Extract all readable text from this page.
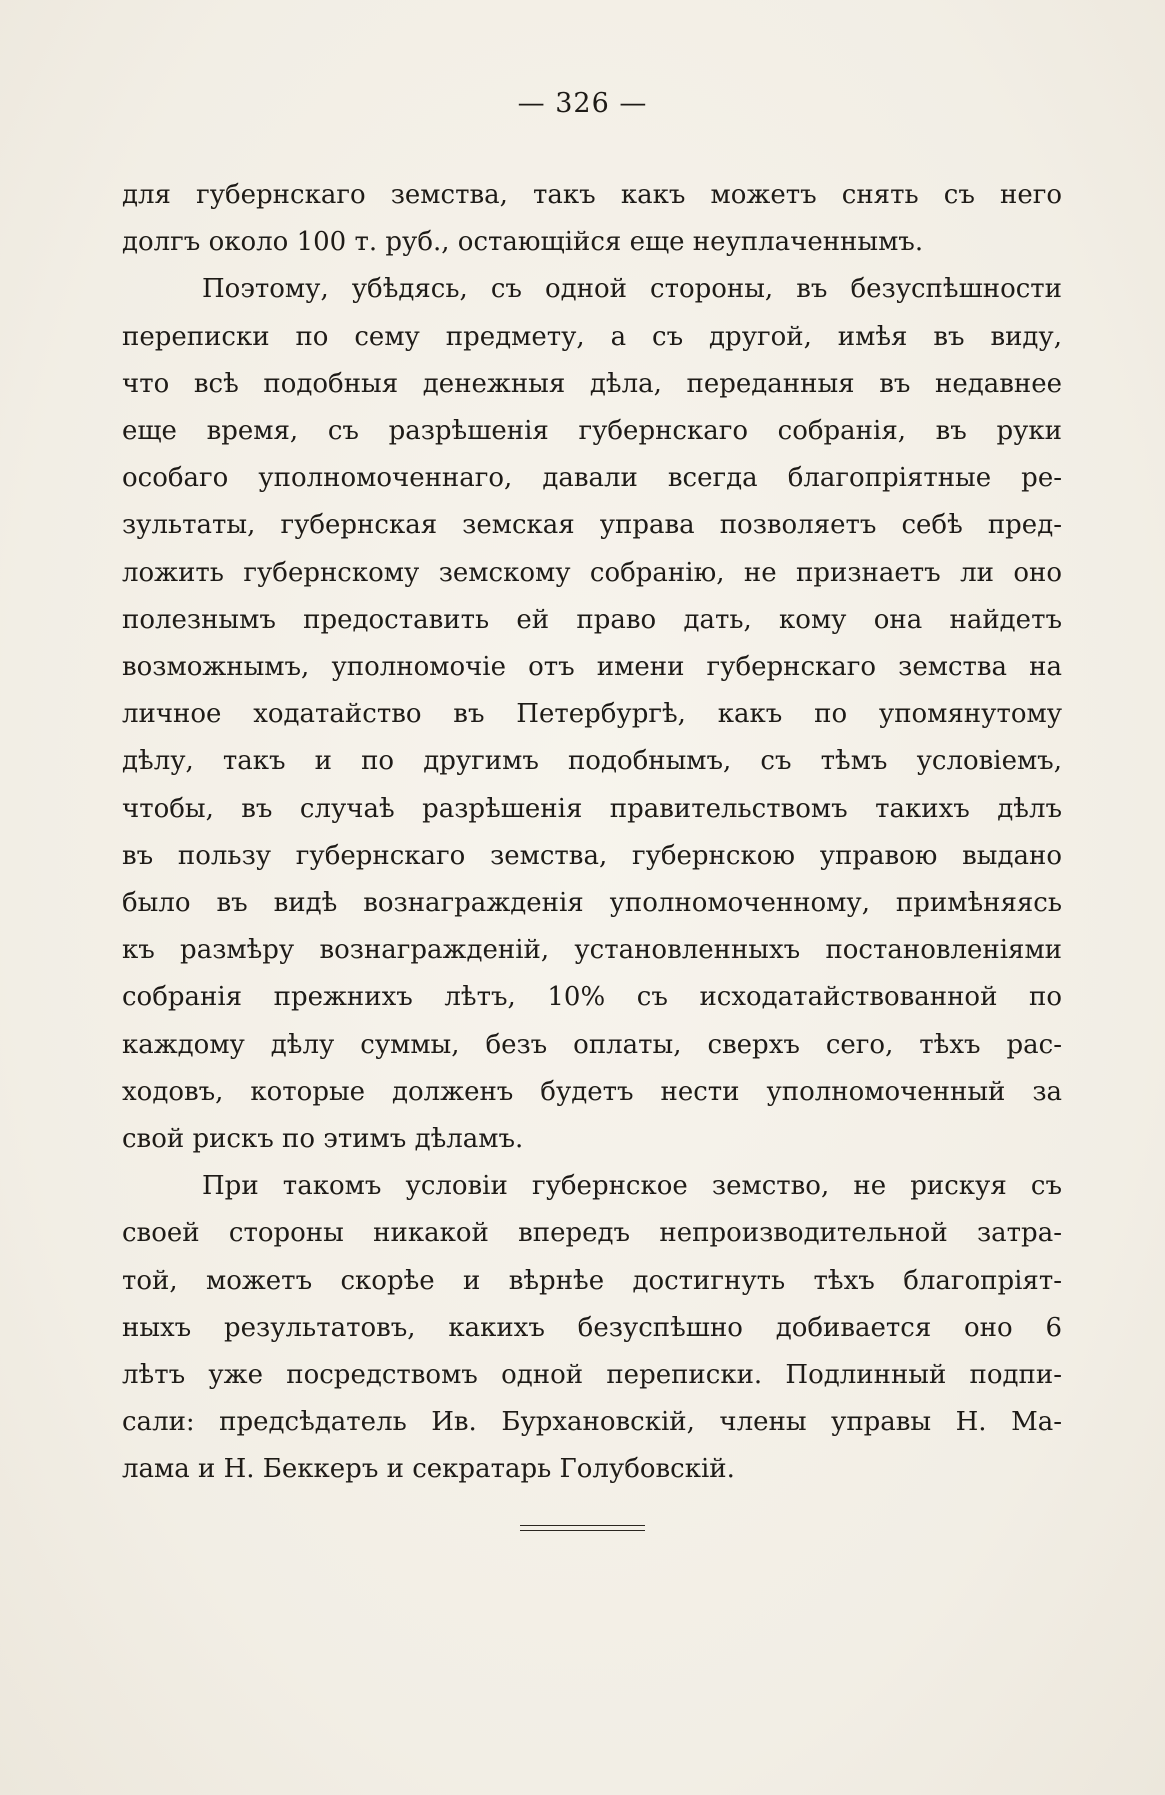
— 326 —
для губернскаго земства, такъ какъ можетъ снять съ него
долгъ около 100 т. руб., остающійся еще неуплаченнымъ.
Поэтому, убѣдясь, съ одной стороны, въ безуспѣшности
переписки по сему предмету, а съ другой, имѣя въ виду,
что всѣ подобныя денежныя дѣла, переданныя въ недавнее
еще время, съ разрѣшенія губернскаго собранія, въ руки
особаго уполномоченнаго, давали всегда благопріятные ре-
зультаты, губернская земская управа позволяетъ себѣ пред-
ложить губернскому земскому собранію, не признаетъ ли оно
полезнымъ предоставить ей право дать, кому она найдетъ
возможнымъ, уполномочіе отъ имени губернскаго земства на
личное ходатайство въ Петербургѣ, какъ по упомянутому
дѣлу, такъ и по другимъ подобнымъ, съ тѣмъ условіемъ,
чтобы, въ случаѣ разрѣшенія правительствомъ такихъ дѣлъ
въ пользу губернскаго земства, губернскою управою выдано
было въ видѣ вознагражденія уполномоченному, примѣняясь
къ размѣру вознагражденій, установленныхъ постановленіями
собранія прежнихъ лѣтъ, 10% съ исходатайствованной по
каждому дѣлу суммы, безъ оплаты, сверхъ сего, тѣхъ рас-
ходовъ, которые долженъ будетъ нести уполномоченный за
свой рискъ по этимъ дѣламъ.
При такомъ условіи губернское земство, не рискуя съ
своей стороны никакой впередъ непроизводительной затра-
той, можетъ скорѣе и вѣрнѣе достигнуть тѣхъ благопріят-
ныхъ результатовъ, какихъ безуспѣшно добивается оно 6
лѣтъ уже посредствомъ одной переписки. Подлинный подпи-
сали: предсѣдатель Ив. Бурхановскій, члены управы Н. Ма-
лама и Н. Беккеръ и секратарь Голубовскій.
